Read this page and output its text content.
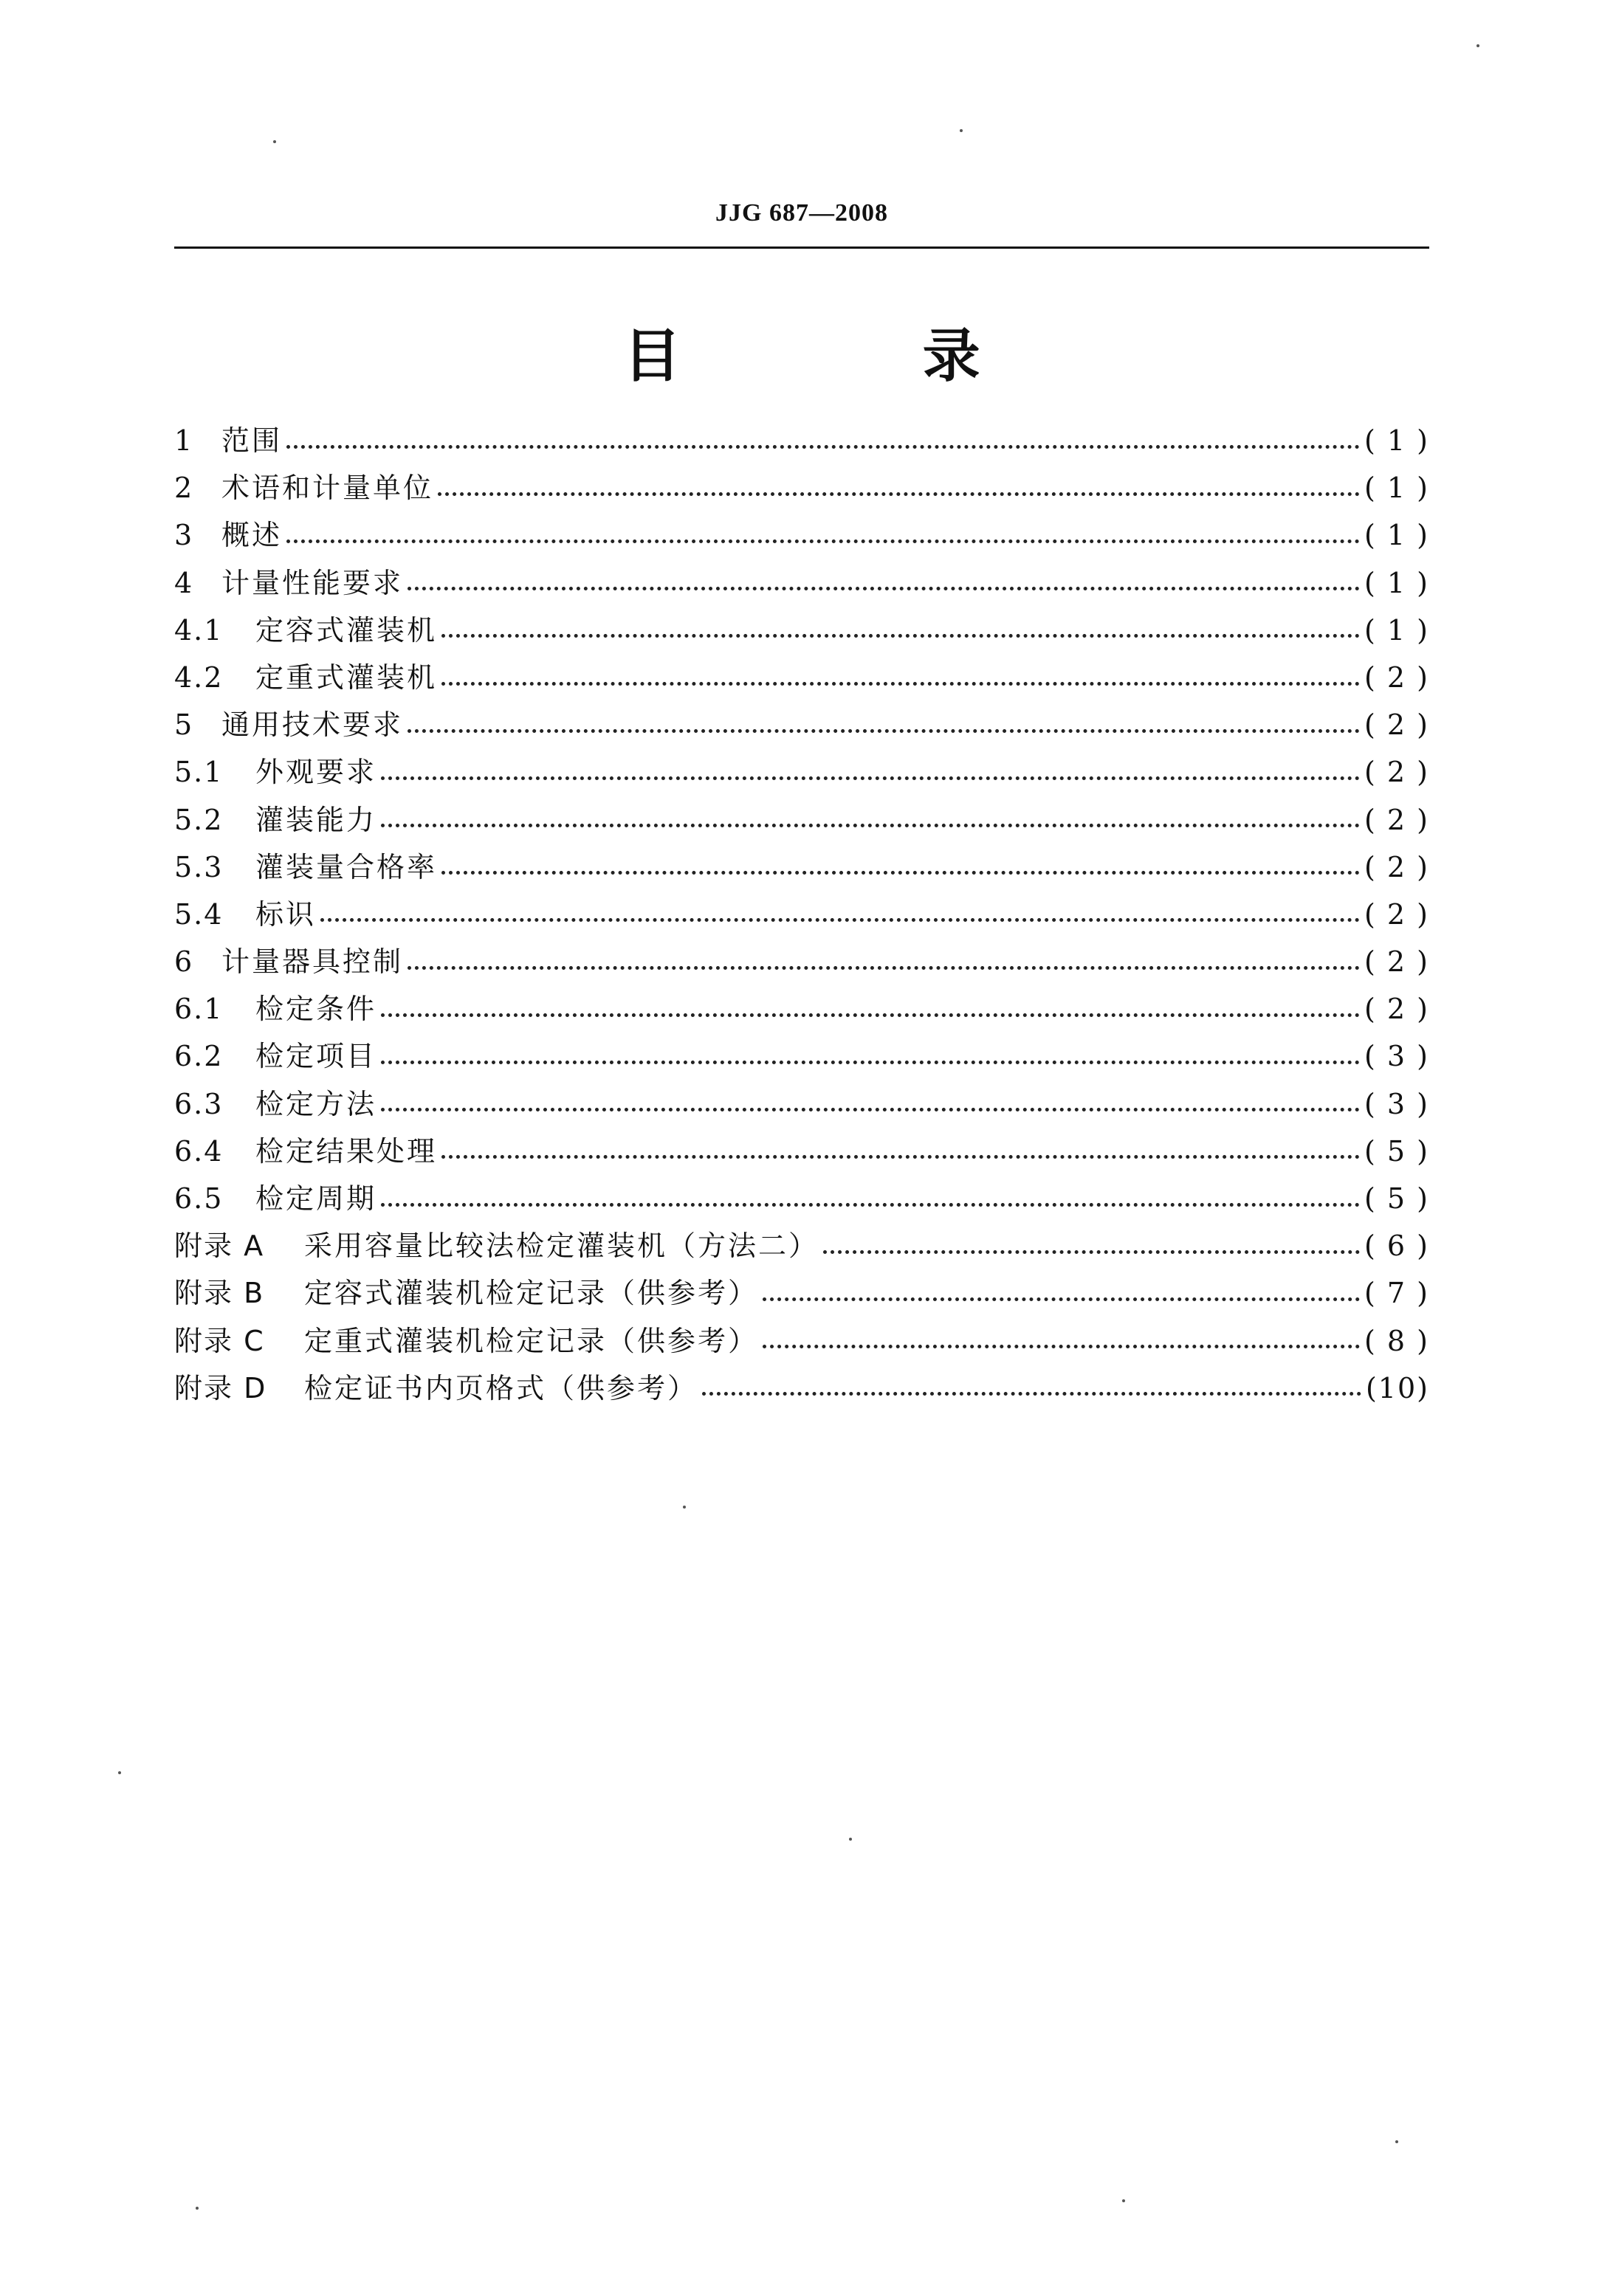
JJG 687—2008
目 录
1 范围	( 1 )
2 术语和计量单位	( 1 )
3 概述	( 1 )
4 计量性能要求	( 1 )
4.1	定容式灌装机	( 1 )
4.2	定重式灌装机	( 2 )
5 通用技术要求	( 2 )
5.1	外观要求	( 2 )
5.2	灌装能力	( 2 )
5.3	灌装量合格率	( 2 )
5.4	标识	( 2 )
6 计量器具控制	( 2 )
6.1	检定条件	( 2 )
6.2	检定项目	( 3 )
6.3	检定方法	( 3 )
6.4	检定结果处理	( 5 )
6.5	检定周期	( 5 )
附录 A	采用容量比较法检定灌装机（方法二）	( 6 )
附录 B	定容式灌装机检定记录（供参考）	( 7 )
附录 C	定重式灌装机检定记录（供参考）	( 8 )
附录 D	检定证书内页格式（供参考）	(10)
